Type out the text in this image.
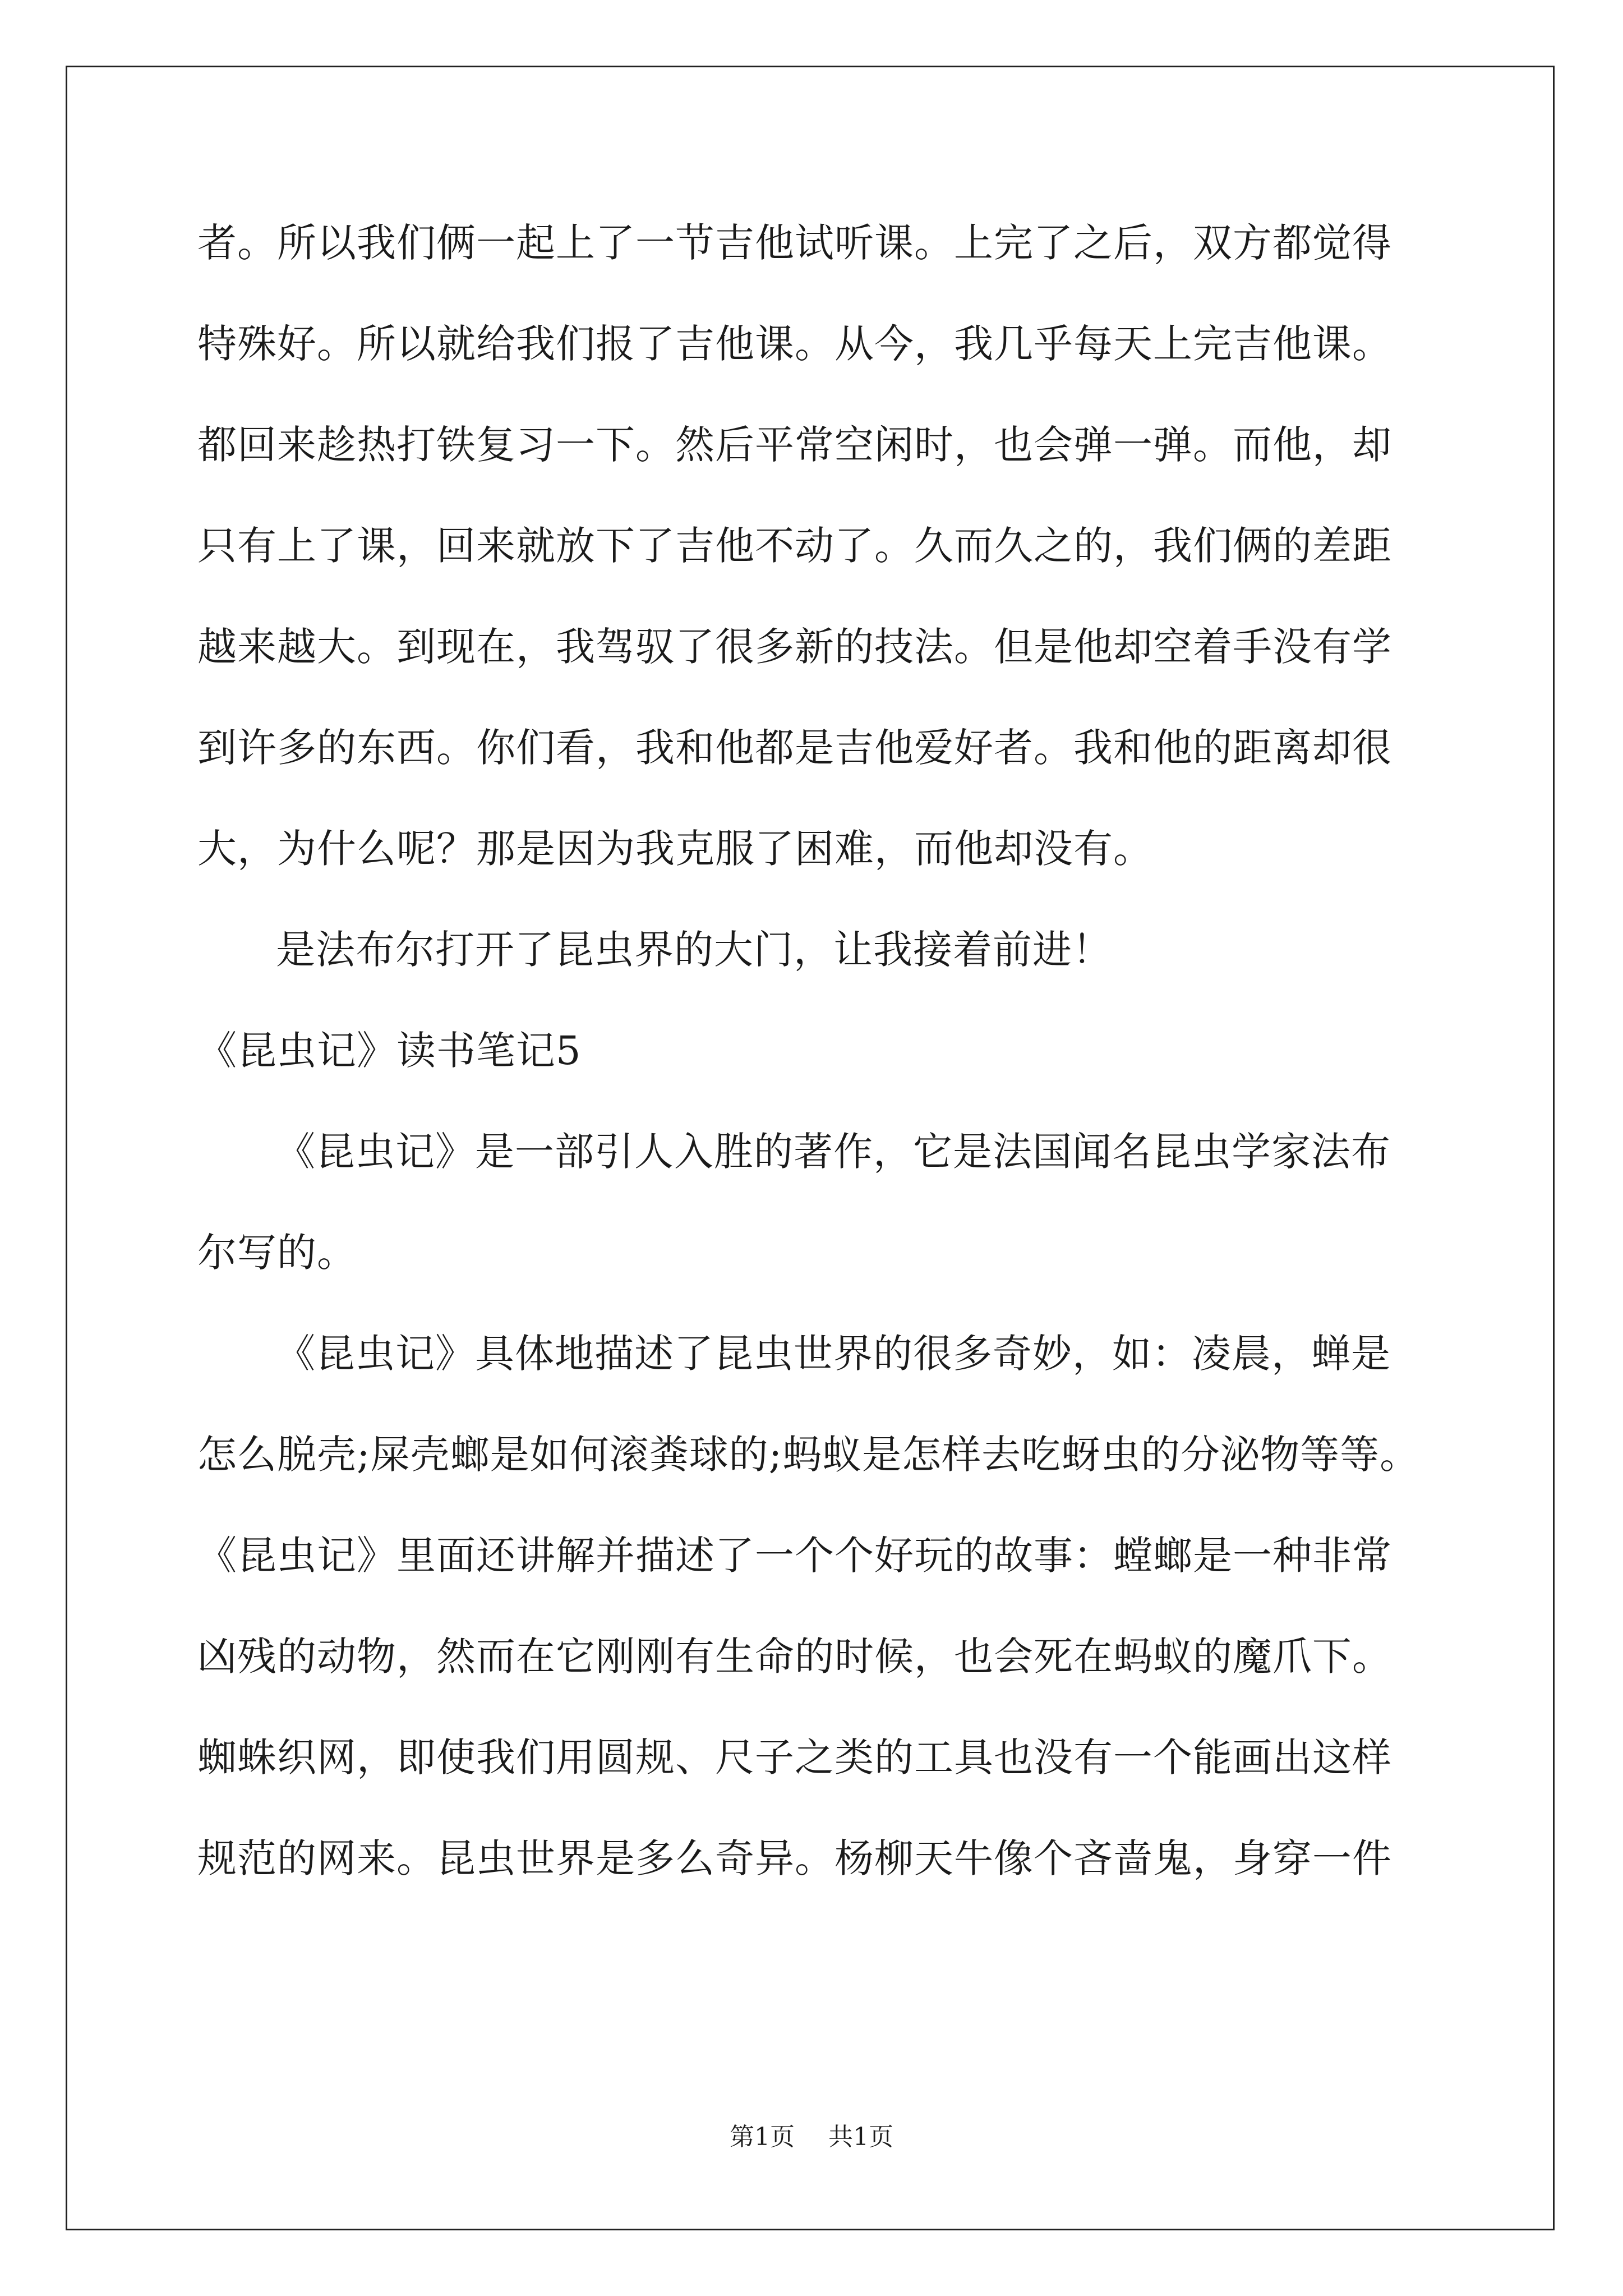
者。所以我们俩一起上了一节吉他试听课。上完了之后，双方都觉得
特殊好。所以就给我们报了吉他课。从今，我几乎每天上完吉他课。
都回来趁热打铁复习一下。然后平常空闲时，也会弹一弹。而他，却
只有上了课，回来就放下了吉他不动了。久而久之的，我们俩的差距
越来越大。到现在，我驾驭了很多新的技法。但是他却空着手没有学
到许多的东西。你们看，我和他都是吉他爱好者。我和他的距离却很
大，为什么呢？那是因为我克服了困难，而他却没有。
是法布尔打开了昆虫界的大门，让我接着前进！
《昆虫记》读书笔记5
《昆虫记》是一部引人入胜的著作，它是法国闻名昆虫学家法布
尔写的。
《昆虫记》具体地描述了昆虫世界的很多奇妙，如：凌晨，蝉是
怎么脱壳;屎壳螂是如何滚粪球的;蚂蚁是怎样去吃蚜虫的分泌物等等。
《昆虫记》里面还讲解并描述了一个个好玩的故事：螳螂是一种非常
凶残的动物，然而在它刚刚有生命的时候，也会死在蚂蚁的魔爪下。
蜘蛛织网，即使我们用圆规、尺子之类的工具也没有一个能画出这样
规范的网来。昆虫世界是多么奇异。杨柳天牛像个吝啬鬼，身穿一件
第1页 共1页
